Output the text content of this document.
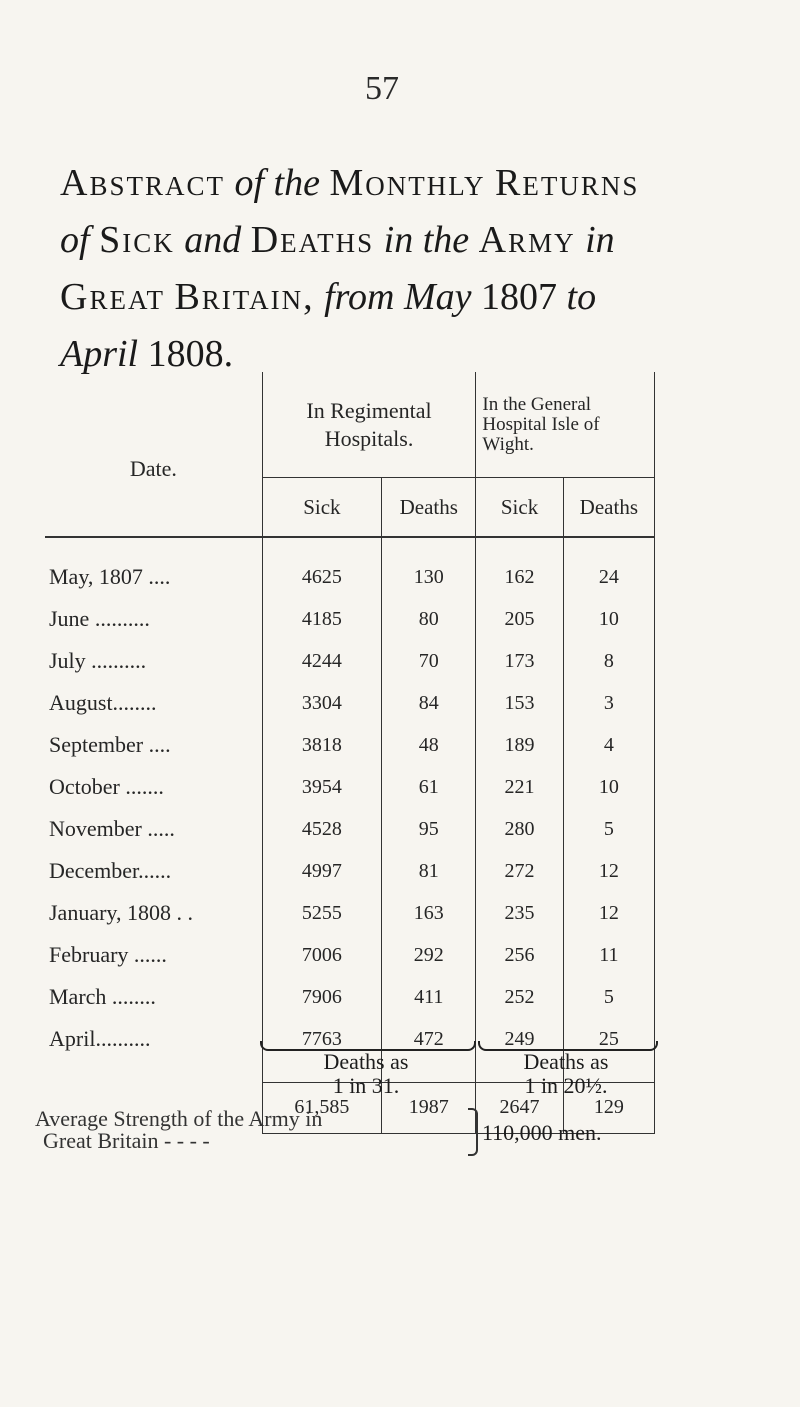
57
Abstract of the Monthly Returns
of Sick and Deaths in the Army in
Great Britain, from May 1807 to
April 1808.
Date.	In Regimental Hospitals.		In the General Hospital Isle of Wight.	
	Sick	Deaths	Sick	Deaths

May, 1807 ....	4625	130	162	24
June ..........	4185	80	205	10
July ..........	4244	70	173	8
August........	3304	84	153	3
September ....	3818	48	189	4
October .......	3954	61	221	10
November .....	4528	95	280	5
December......	4997	81	272	12
January, 1808 . .	5255	163	235	12
February ......	7006	292	256	11
March ........	7906	411	252	5
April..........	7763	472	249	25

	61,585	1987	2647	129
Deaths as
1 in 31.
Deaths as
1 in 20½.
Average Strength of the Army in
Great Britain - - - -	110,000 men.
